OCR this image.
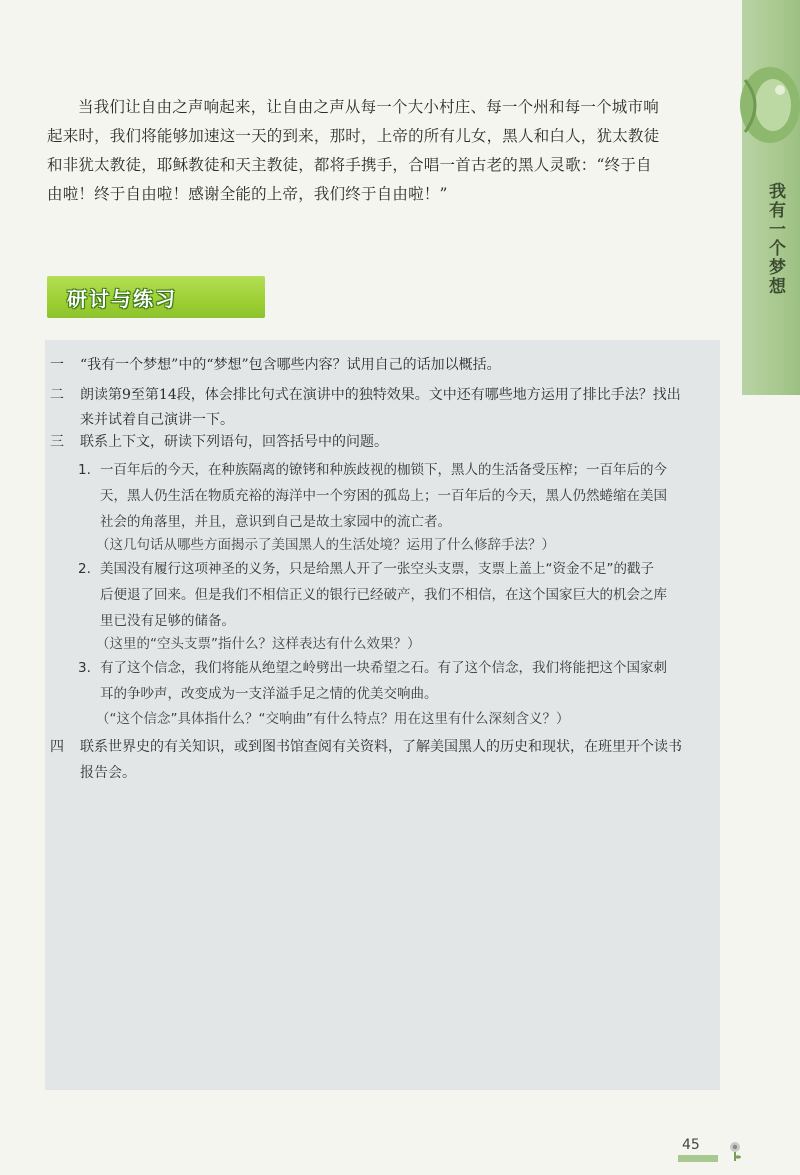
我有一个梦想
当我们让自由之声响起来，让自由之声从每一个大小村庄、每一个州和每一个城市响
起来时，我们将能够加速这一天的到来，那时，上帝的所有儿女，黑人和白人，犹太教徒
和非犹太教徒，耶稣教徒和天主教徒，都将手携手，合唱一首古老的黑人灵歌：“终于自
由啦！终于自由啦！感谢全能的上帝，我们终于自由啦！”
研讨与练习
一	“我有一个梦想”中的“梦想”包含哪些内容？试用自己的话加以概括。
二	朗读第9至第14段，体会排比句式在演讲中的独特效果。文中还有哪些地方运用了排比手法？找出
来并试着自己演讲一下。
三	联系上下文，研读下列语句，回答括号中的问题。
1. 一百年后的今天，在种族隔离的镣铐和种族歧视的枷锁下，黑人的生活备受压榨；一百年后的今
天，黑人仍生活在物质充裕的海洋中一个穷困的孤岛上；一百年后的今天，黑人仍然蜷缩在美国
社会的角落里，并且，意识到自己是故土家园中的流亡者。
（这几句话从哪些方面揭示了美国黑人的生活处境？运用了什么修辞手法？）
2. 美国没有履行这项神圣的义务，只是给黑人开了一张空头支票，支票上盖上“资金不足”的戳子
后便退了回来。但是我们不相信正义的银行已经破产，我们不相信，在这个国家巨大的机会之库
里已没有足够的储备。
（这里的“空头支票”指什么？这样表达有什么效果？）
3. 有了这个信念，我们将能从绝望之岭劈出一块希望之石。有了这个信念，我们将能把这个国家刺
耳的争吵声，改变成为一支洋溢手足之情的优美交响曲。
（“这个信念”具体指什么？“交响曲”有什么特点？用在这里有什么深刻含义？）
四	联系世界史的有关知识，或到图书馆查阅有关资料，了解美国黑人的历史和现状，在班里开个读书
报告会。
45
